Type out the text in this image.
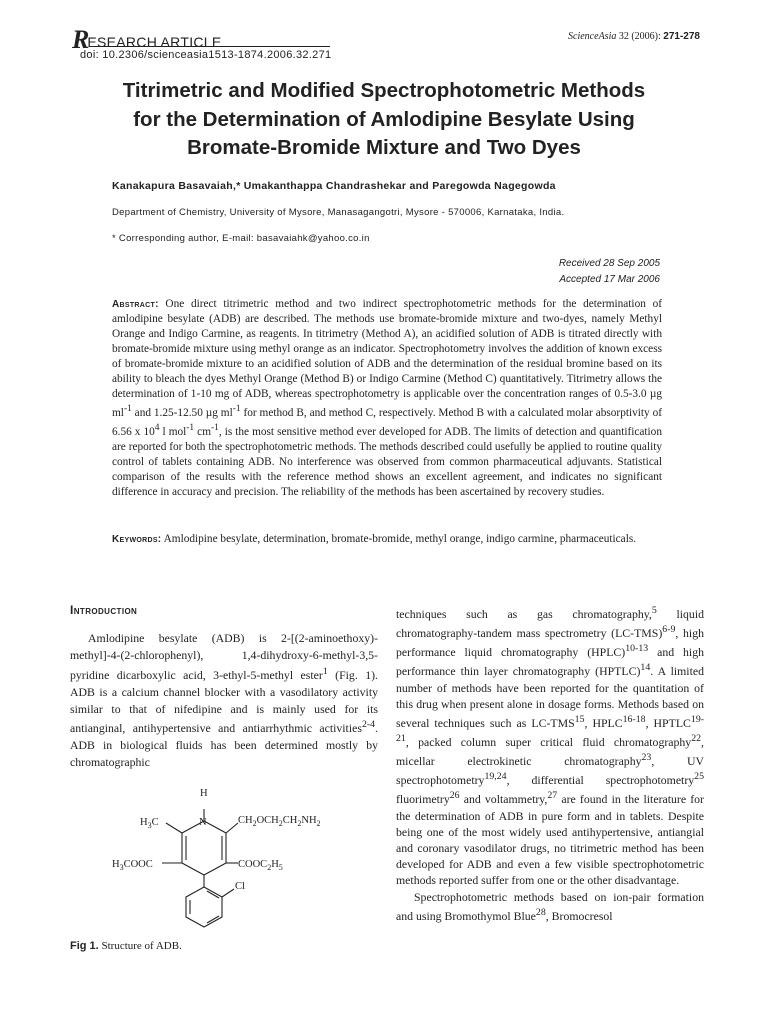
RESEARCH ARTICLE
doi: 10.2306/scienceasia1513-1874.2006.32.271
ScienceAsia 32 (2006): 271-278
Titrimetric and Modified Spectrophotometric Methods
for the Determination of Amlodipine Besylate Using
Bromate-Bromide Mixture and Two Dyes
Kanakapura Basavaiah,* Umakanthappa Chandrashekar and Paregowda Nagegowda
Department of Chemistry, University of Mysore, Manasagangotri, Mysore - 570006, Karnataka, India.
* Corresponding author, E-mail: basavaiahk@yahoo.co.in
Received 28 Sep 2005
Accepted 17 Mar 2006
Abstract: One direct titrimetric method and two indirect spectrophotometric methods for the determination of amlodipine besylate (ADB) are described. The methods use bromate-bromide mixture and two-dyes, namely Methyl Orange and Indigo Carmine, as reagents. In titrimetry (Method A), an acidified solution of ADB is titrated directly with bromate-bromide mixture using methyl orange as an indicator. Spectrophotometry involves the addition of known excess of bromate-bromide mixture to an acidified solution of ADB and the determination of the residual bromine based on its ability to bleach the dyes Methyl Orange (Method B) or Indigo Carmine (Method C) quantitatively. Titrimetry allows the determination of 1-10 mg of ADB, whereas spectrophotometry is applicable over the concentration ranges of 0.5-3.0 µg $ml^{-1}$ and 1.25-12.50 µg $ml^{-1}$ for method B, and method C, respectively. Method B with a calculated molar absorptivity of 6.56 x $10^4$ l mol$^{-1}$ $cm^{-1}$, is the most sensitive method ever developed for ADB. The limits of detection and quantification are reported for both the spectrophotometric methods. The methods described could usefully be applied to routine quality control of tablets containing ADB. No interference was observed from common pharmaceutical adjuvants. Statistical comparison of the results with the reference method shows an excellent agreement, and indicates no significant difference in accuracy and precision. The reliability of the methods has been ascertained by recovery studies.
Keywords: Amlodipine besylate, determination, bromate-bromide, methyl orange, indigo carmine, pharmaceuticals.
Introduction

Amlodipine besylate (ADB) is 2-[(2-aminoethoxy)-methyl]-4-(2-chlorophenyl), 1,4-dihydroxy-6-methyl-3,5- pyridine dicarboxylic acid, 3-ethyl-5-methyl ester$^1$ (Fig. 1). ADB is a calcium channel blocker with a vasodilatory activity similar to that of nifedipine and is mainly used for its antianginal, antihypertensive and antiarrhythmic activities$^{2-4}$. ADB in biological fluids has been determined mostly by chromatographic

techniques such as gas chromatography,$^5$ liquid chromatography-tandem mass spectrometry $(LC-TMS)^{6-9}$, high performance liquid chromatography (HPLC)$^{10-13}$ and high performance thin layer chromatography (HPTLC)$^{14}$. A limited number of methods have been reported for the quantitation of this drug when present alone in dosage forms. Methods based on several techniques such as LC-TMS$^{15}$, HPLC$^{16-18}$, HPTLC$^{19-21}$, packed column super critical fluid chromatography$^{22}$, micellar electrokinetic chromatography$^{23}$, UV spectrophotometry$^{19,24}$, differential spectrophotometry$^{25}$ fluorimetry$^{26}$ and voltammetry,$^{27}$ are found in the literature for the determination of ADB in pure form and in tablets. Despite being one of the most widely used antihypertensive, antiangial and coronary vasodilator drugs, no titrimetric method has been developed for ADB and even a few visible spectrophotometric methods reported suffer from one or the other disadvantage.

Spectrophotometric methods based on ion-pair formation and using Bromothymol Blue$^{28}$, Bromocresol

H
N
$H_3C$	$CH_2OCH_2CH_2NH_2$
$H_3COOC$	$COOC_2H_5$
Cl
Fig 1. Structure of ADB.
